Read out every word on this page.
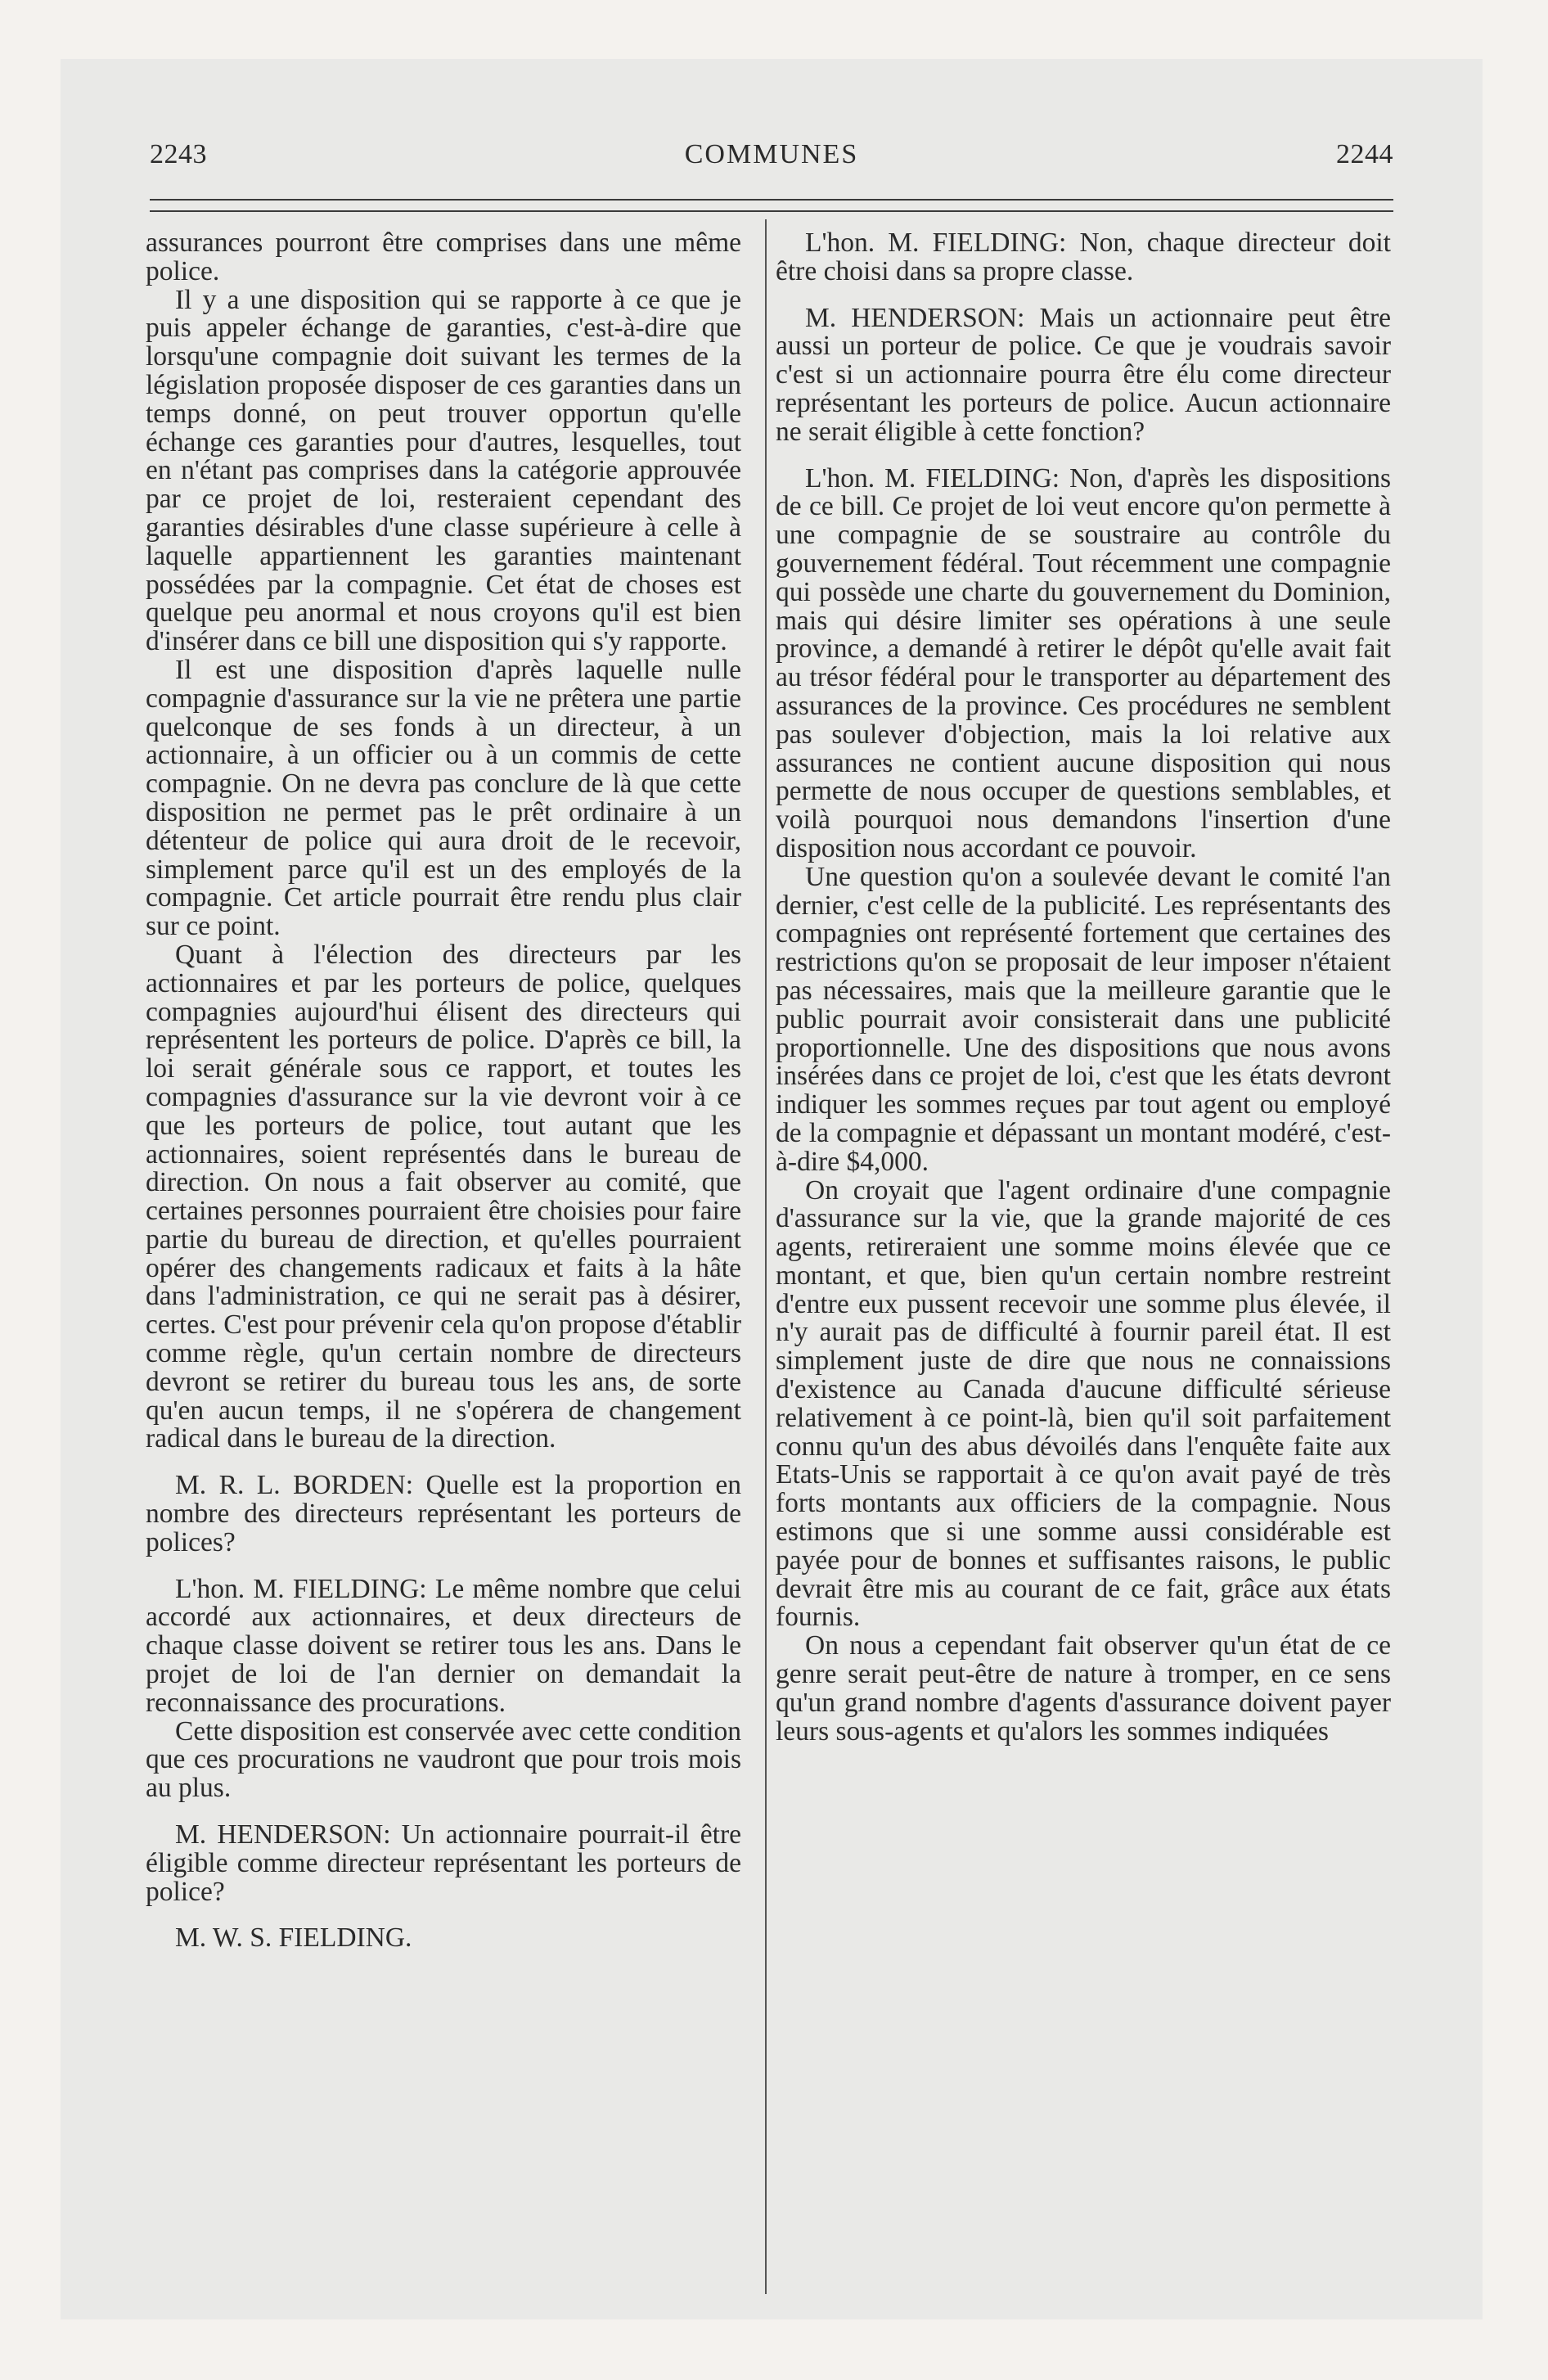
2243	COMMUNES	2244

assurances pourront être comprises dans une même police.

Il y a une disposition qui se rapporte à ce que je puis appeler échange de garanties, c'est-à-dire que lorsqu'une compagnie doit suivant les termes de la législation proposée disposer de ces garanties dans un temps donné, on peut trouver opportun qu'elle échange ces garanties pour d'autres, lesquelles, tout en n'étant pas comprises dans la catégorie approuvée par ce projet de loi, resteraient cependant des garanties désirables d'une classe supérieure à celle à laquelle appartiennent les garanties maintenant possédées par la compagnie. Cet état de choses est quelque peu anormal et nous croyons qu'il est bien d'insérer dans ce bill une disposition qui s'y rapporte.

Il est une disposition d'après laquelle nulle compagnie d'assurance sur la vie ne prêtera une partie quelconque de ses fonds à un directeur, à un actionnaire, à un officier ou à un commis de cette compagnie. On ne devra pas conclure de là que cette disposition ne permet pas le prêt ordinaire à un détenteur de police qui aura droit de le recevoir, simplement parce qu'il est un des employés de la compagnie. Cet article pourrait être rendu plus clair sur ce point.

Quant à l'élection des directeurs par les actionnaires et par les porteurs de police, quelques compagnies aujourd'hui élisent des directeurs qui représentent les porteurs de police. D'après ce bill, la loi serait générale sous ce rapport, et toutes les compagnies d'assurance sur la vie devront voir à ce que les porteurs de police, tout autant que les actionnaires, soient représentés dans le bureau de direction. On nous a fait observer au comité, que certaines personnes pourraient être choisies pour faire partie du bureau de direction, et qu'elles pourraient opérer des changements radicaux et faits à la hâte dans l'administration, ce qui ne serait pas à désirer, certes. C'est pour prévenir cela qu'on propose d'établir comme règle, qu'un certain nombre de directeurs devront se retirer du bureau tous les ans, de sorte qu'en aucun temps, il ne s'opérera de changement radical dans le bureau de la direction.

M. R. L. BORDEN: Quelle est la proportion en nombre des directeurs représentant les porteurs de polices?

L'hon. M. FIELDING: Le même nombre que celui accordé aux actionnaires, et deux directeurs de chaque classe doivent se retirer tous les ans. Dans le projet de loi de l'an dernier on demandait la reconnaissance des procurations.

Cette disposition est conservée avec cette condition que ces procurations ne vaudront que pour trois mois au plus.

M. HENDERSON: Un actionnaire pourrait-il être éligible comme directeur représentant les porteurs de police?

M. W. S. FIELDING.

L'hon. M. FIELDING: Non, chaque directeur doit être choisi dans sa propre classe.

M. HENDERSON: Mais un actionnaire peut être aussi un porteur de police. Ce que je voudrais savoir c'est si un actionnaire pourra être élu come directeur représentant les porteurs de police. Aucun actionnaire ne serait éligible à cette fonction?

L'hon. M. FIELDING: Non, d'après les dispositions de ce bill. Ce projet de loi veut encore qu'on permette à une compagnie de se soustraire au contrôle du gouvernement fédéral. Tout récemment une compagnie qui possède une charte du gouvernement du Dominion, mais qui désire limiter ses opérations à une seule province, a demandé à retirer le dépôt qu'elle avait fait au trésor fédéral pour le transporter au département des assurances de la province. Ces procédures ne semblent pas soulever d'objection, mais la loi relative aux assurances ne contient aucune disposition qui nous permette de nous occuper de questions semblables, et voilà pourquoi nous demandons l'insertion d'une disposition nous accordant ce pouvoir.

Une question qu'on a soulevée devant le comité l'an dernier, c'est celle de la publicité. Les représentants des compagnies ont représenté fortement que certaines des restrictions qu'on se proposait de leur imposer n'étaient pas nécessaires, mais que la meilleure garantie que le public pourrait avoir consisterait dans une publicité proportionnelle. Une des dispositions que nous avons insérées dans ce projet de loi, c'est que les états devront indiquer les sommes reçues par tout agent ou employé de la compagnie et dépassant un montant modéré, c'est-à-dire $4,000.

On croyait que l'agent ordinaire d'une compagnie d'assurance sur la vie, que la grande majorité de ces agents, retireraient une somme moins élevée que ce montant, et que, bien qu'un certain nombre restreint d'entre eux pussent recevoir une somme plus élevée, il n'y aurait pas de difficulté à fournir pareil état. Il est simplement juste de dire que nous ne connaissions d'existence au Canada d'aucune difficulté sérieuse relativement à ce point-là, bien qu'il soit parfaitement connu qu'un des abus dévoilés dans l'enquête faite aux Etats-Unis se rapportait à ce qu'on avait payé de très forts montants aux officiers de la compagnie. Nous estimons que si une somme aussi considérable est payée pour de bonnes et suffisantes raisons, le public devrait être mis au courant de ce fait, grâce aux états fournis.

On nous a cependant fait observer qu'un état de ce genre serait peut-être de nature à tromper, en ce sens qu'un grand nombre d'agents d'assurance doivent payer leurs sous-agents et qu'alors les sommes indiquées
